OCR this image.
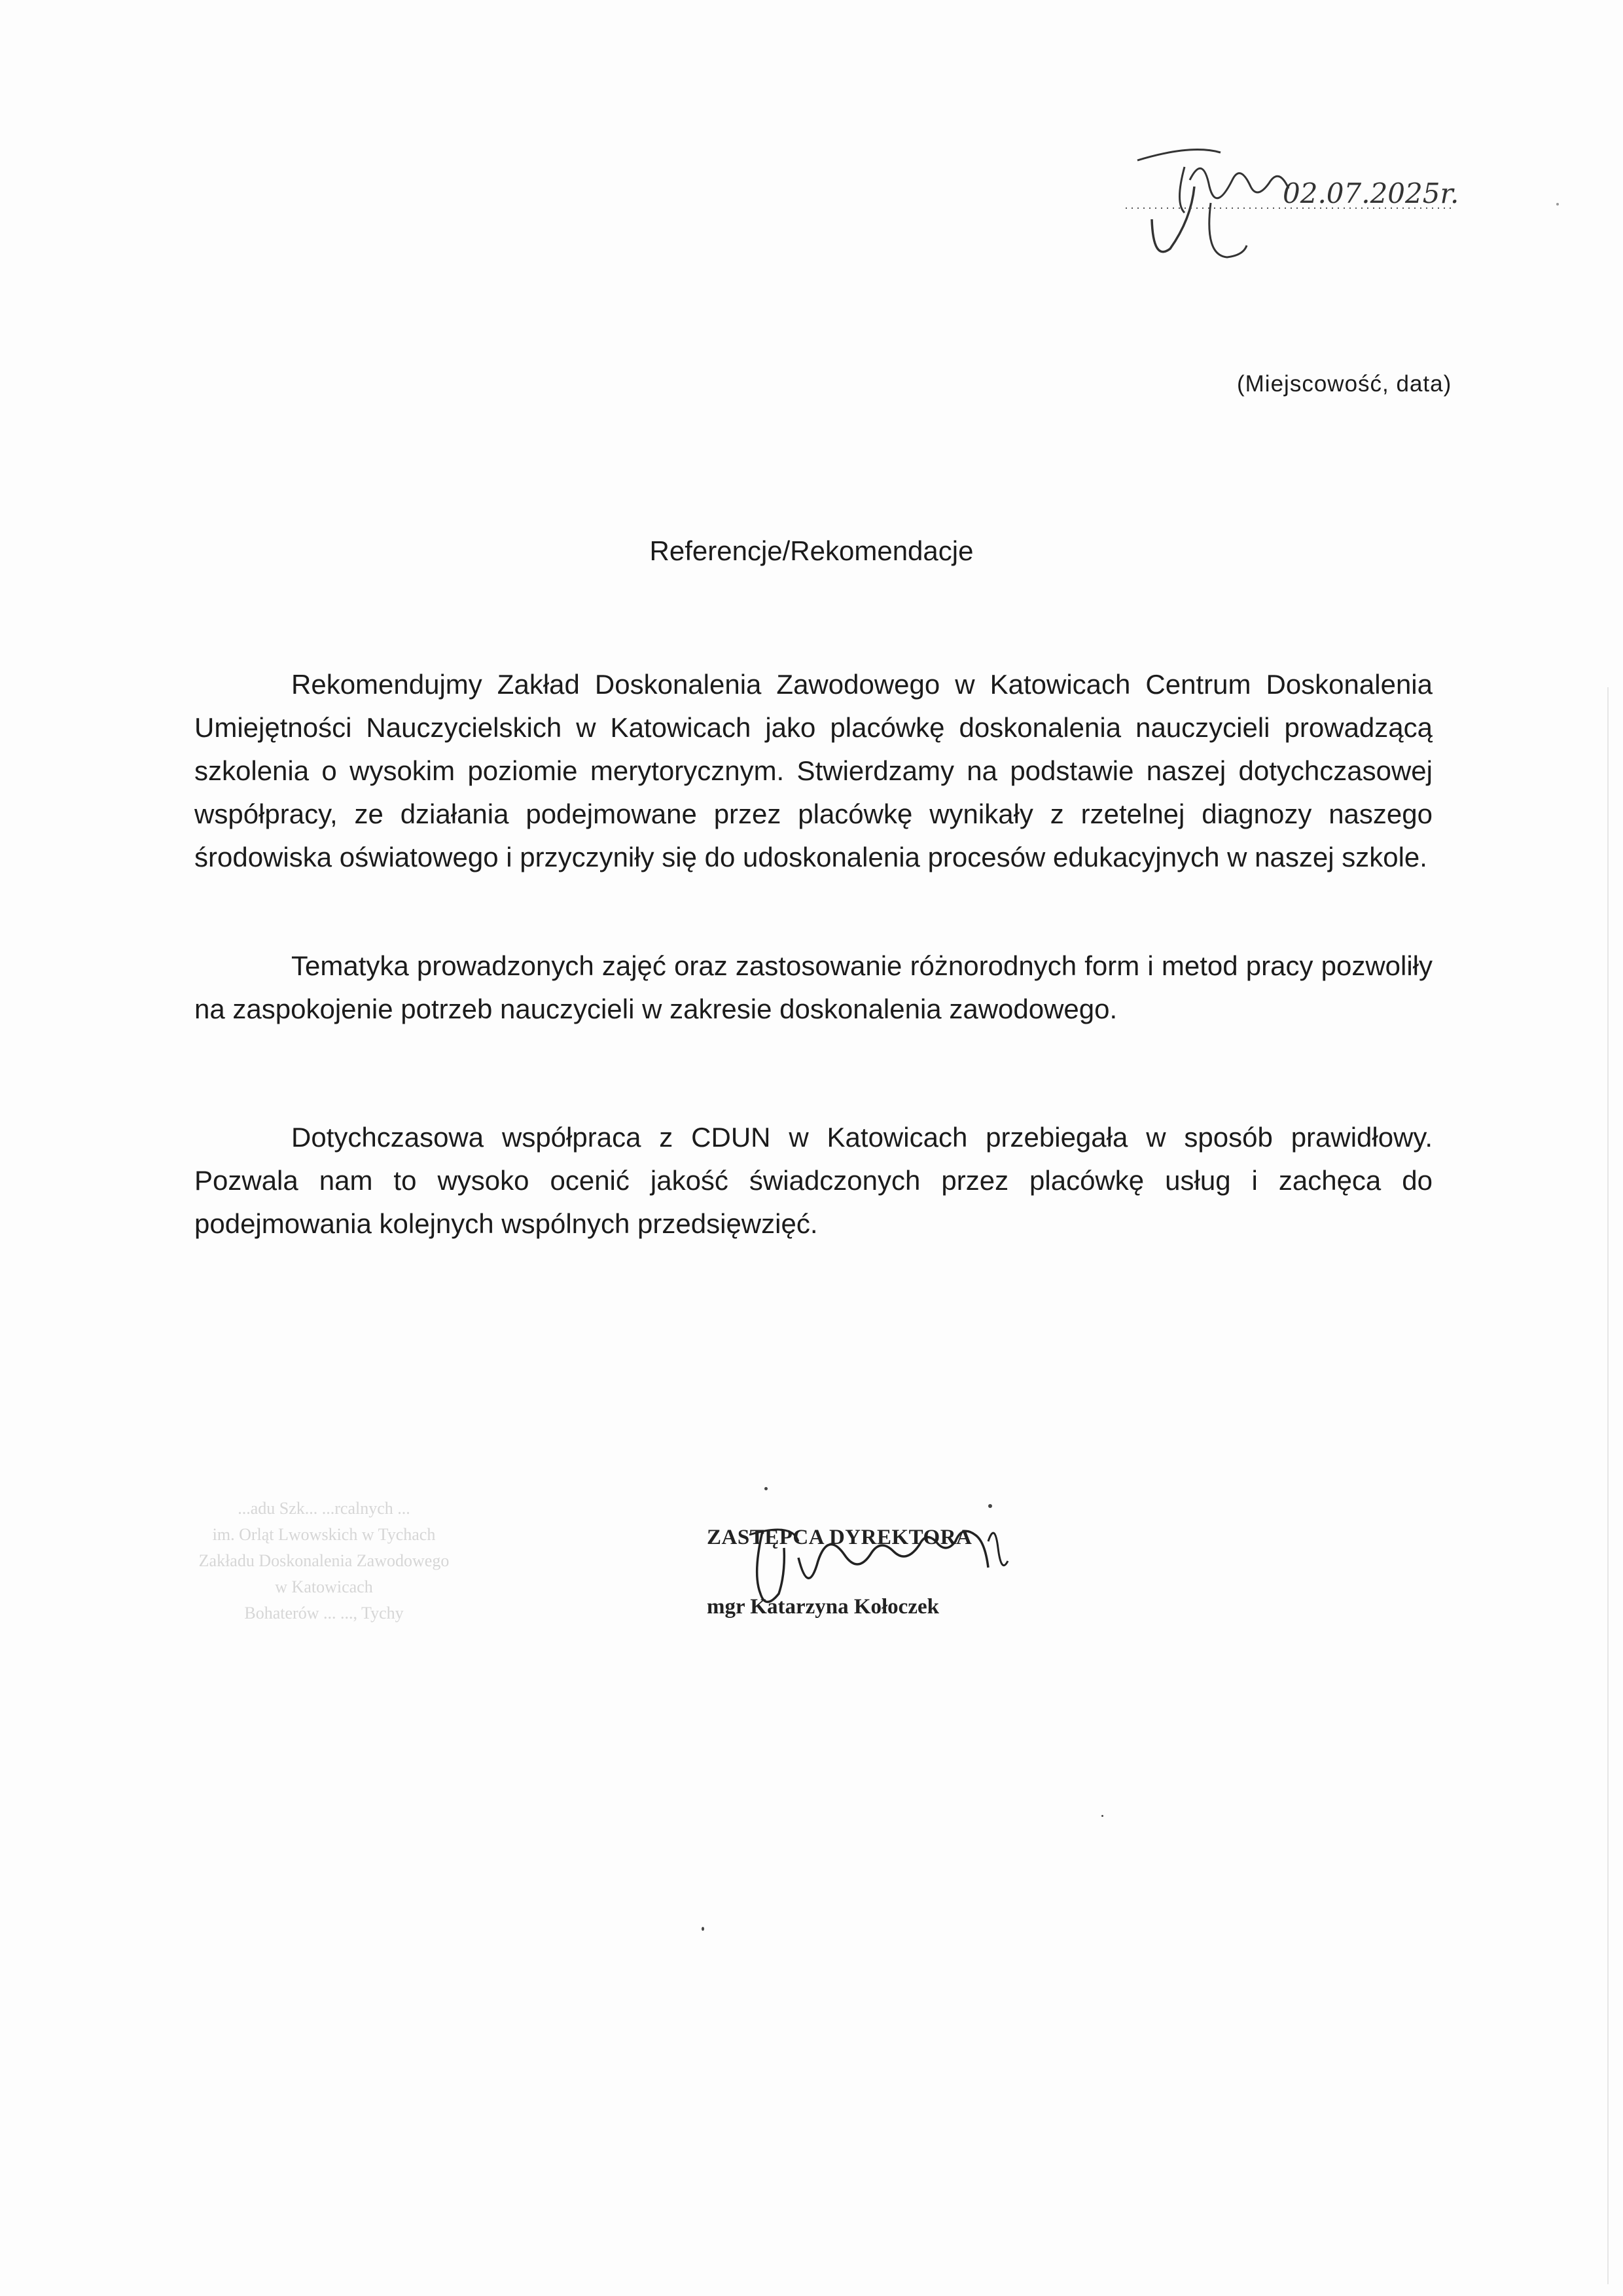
02.07.2025r.
(Miejscowość, data)
Referencje/Rekomendacje

Rekomendujmy Zakład Doskonalenia Zawodowego w Katowicach Centrum Doskonalenia Umiejętności Nauczycielskich w Katowicach jako placówkę doskonalenia nauczycieli prowadzącą szkolenia o wysokim poziomie merytorycznym. Stwierdzamy na podstawie naszej dotychczasowej współpracy, ze działania podejmowane przez placówkę wynikały z rzetelnej diagnozy naszego środowiska oświatowego i przyczyniły się do udoskonalenia procesów edukacyjnych w naszej szkole.

Tematyka prowadzonych zajęć oraz zastosowanie różnorodnych form i metod pracy pozwoliły na zaspokojenie potrzeb nauczycieli w zakresie doskonalenia zawodowego.

Dotychczasowa współpraca z CDUN w Katowicach przebiegała w sposób prawidłowy. Pozwala nam to wysoko ocenić jakość świadczonych przez placówkę usług i zachęca do podejmowania kolejnych wspólnych przedsięwzięć.

...adu Szk... ...rcalnych ...
im. Orląt Lwowskich w Tychach
Zakładu Doskonalenia Zawodowego
w Katowicach
Bohaterów ... ..., Tychy
ZASTĘPCA DYREKTORA
mgr Katarzyna Kołoczek
